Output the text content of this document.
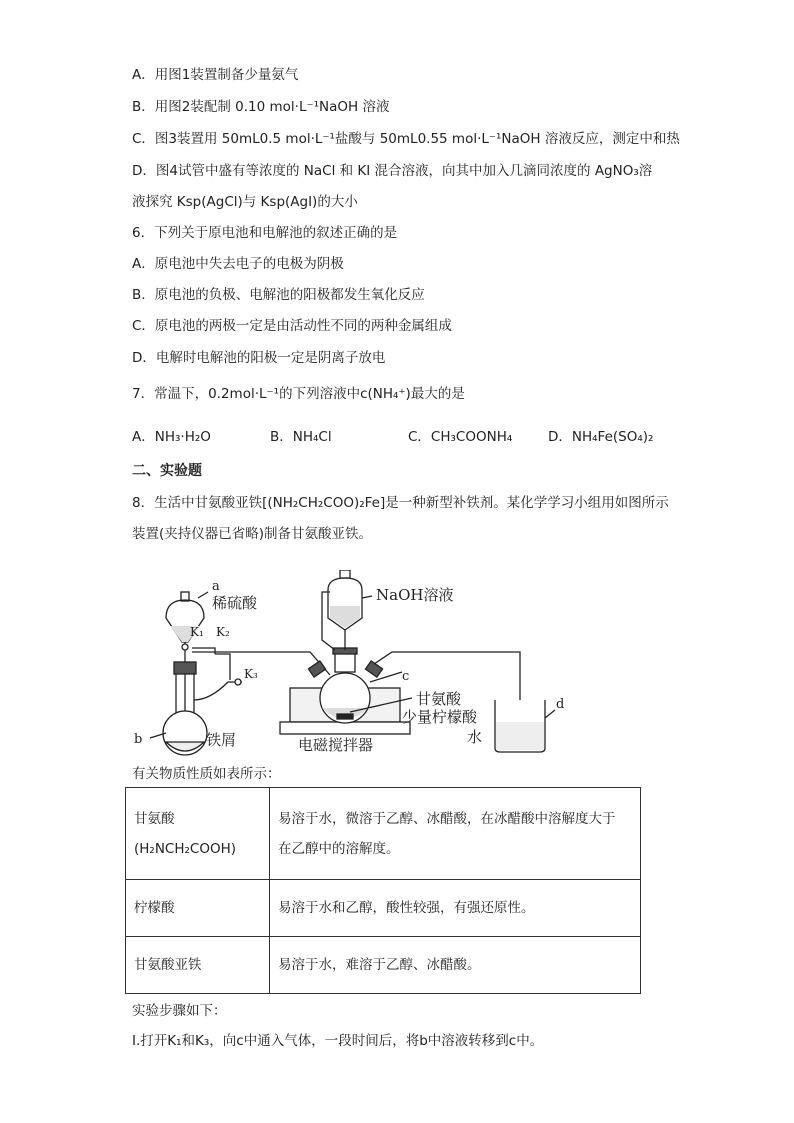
A．用图1装置制备少量氨气
B．用图2装配制 0.10 mol·L⁻¹NaOH 溶液
C．图3装置用 50mL0.5 mol·L⁻¹盐酸与 50mL0.55 mol·L⁻¹NaOH 溶液反应，测定中和热
D．图4试管中盛有等浓度的 NaCl 和 KI 混合溶液，向其中加入几滴同浓度的 AgNO₃溶
液探究 Ksp(AgCl)与 Ksp(AgI)的大小
6．下列关于原电池和电解池的叙述正确的是
A．原电池中失去电子的电极为阴极
B．原电池的负极、电解池的阳极都发生氧化反应
C．原电池的两极一定是由活动性不同的两种金属组成
D．电解时电解池的阳极一定是阴离子放电
7．常温下，0.2mol·L⁻¹的下列溶液中c(NH₄⁺)最大的是
A．NH₃·H₂O	B．NH₄Cl	C．CH₃COONH₄	D．NH₄Fe(SO₄)₂
二、实验题
8．生活中甘氨酸亚铁[(NH₂CH₂COO)₂Fe]是一种新型补铁剂。某化学学习小组用如图所示
装置(夹持仪器已省略)制备甘氨酸亚铁。
a
稀硫酸
K₁ K₂
K₃
NaOH溶液
c
甘氨酸
少量柠檬酸
b	铁屑	电磁搅拌器	水
d
有关物质性质如表所示：
甘氨酸(H₂NCH₂COOH)	易溶于水，微溶于乙醇、冰醋酸，在冰醋酸中溶解度大于
在乙醇中的溶解度。

柠檬酸	易溶于水和乙醇，酸性较强，有强还原性。
甘氨酸亚铁	易溶于水，难溶于乙醇、冰醋酸。
实验步骤如下：
I.打开K₁和K₃，向c中通入气体，一段时间后，将b中溶液转移到c中。
